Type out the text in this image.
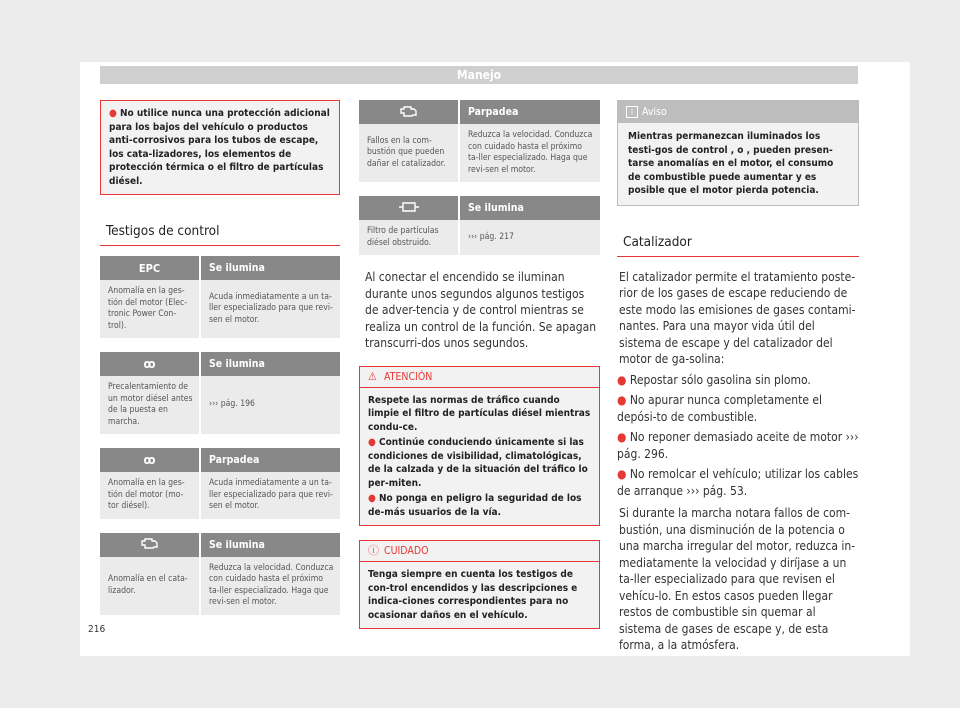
Manejo
● No utilice nunca una protección adicional para los bajos del vehículo o productos anti-corrosivos para los tubos de escape, los cata-lizadores, los elementos de protección térmica o el filtro de partículas diésel.
Testigos de control
EPC	Se ilumina
Anomalía en la ges-tión del motor (Elec-tronic Power Con-trol).	Acuda inmediatamente a un ta-ller especializado para que revi-sen el motor.
ꝏ	Se ilumina
Precalentamiento de un motor diésel antes de la puesta en marcha.	››› pág. 196
ꝏ	Parpadea
Anomalía en la ges-tión del motor (mo-tor diésel).	Acuda inmediatamente a un ta-ller especializado para que revi-sen el motor.
	Se ilumina
Anomalía en el cata-lizador.	Reduzca la velocidad. Conduzca con cuidado hasta el próximo ta-ller especializado. Haga que revi-sen el motor.
	Parpadea
Fallos en la com-bustión que pueden dañar el catalizador.	Reduzca la velocidad. Conduzca con cuidado hasta el próximo ta-ller especializado. Haga que revi-sen el motor.
	Se ilumina
Filtro de partículas diésel obstruido.	››› pág. 217
Al conectar el encendido se iluminan durante unos segundos algunos testigos de adver-tencia y de control mientras se realiza un control de la función. Se apagan transcurri-dos unos segundos.
⚠ ATENCIÓN
Respete las normas de tráfico cuando limpie el filtro de partículas diésel mientras condu-ce.
● Continúe conduciendo únicamente si las condiciones de visibilidad, climatológicas, de la calzada y de la situación del tráfico lo per-miten.
● No ponga en peligro la seguridad de los de-más usuarios de la vía.
ⓘ CUIDADO
Tenga siempre en cuenta los testigos de con-trol encendidos y las descripciones e indica-ciones correspondientes para no ocasionar daños en el vehículo.
i Aviso
Mientras permanezcan iluminados los testi-gos de control , o , pueden presen-tarse anomalías en el motor, el consumo de combustible puede aumentar y es posible que el motor pierda potencia.
Catalizador
El catalizador permite el tratamiento poste-rior de los gases de escape reduciendo de este modo las emisiones de gases contami-nantes. Para una mayor vida útil del sistema de escape y del catalizador del motor de ga-solina:
● Repostar sólo gasolina sin plomo.
● No apurar nunca completamente el depósi-to de combustible.
● No reponer demasiado aceite de motor ››› pág. 296.
● No remolcar el vehículo; utilizar los cables de arranque ››› pág. 53.
Si durante la marcha notara fallos de com-bustión, una disminución de la potencia o una marcha irregular del motor, reduzca in-mediatamente la velocidad y diríjase a un ta-ller especializado para que revisen el vehícu-lo. En estos casos pueden llegar restos de combustible sin quemar al sistema de gases de escape y, de esta forma, a la atmósfera.
216
